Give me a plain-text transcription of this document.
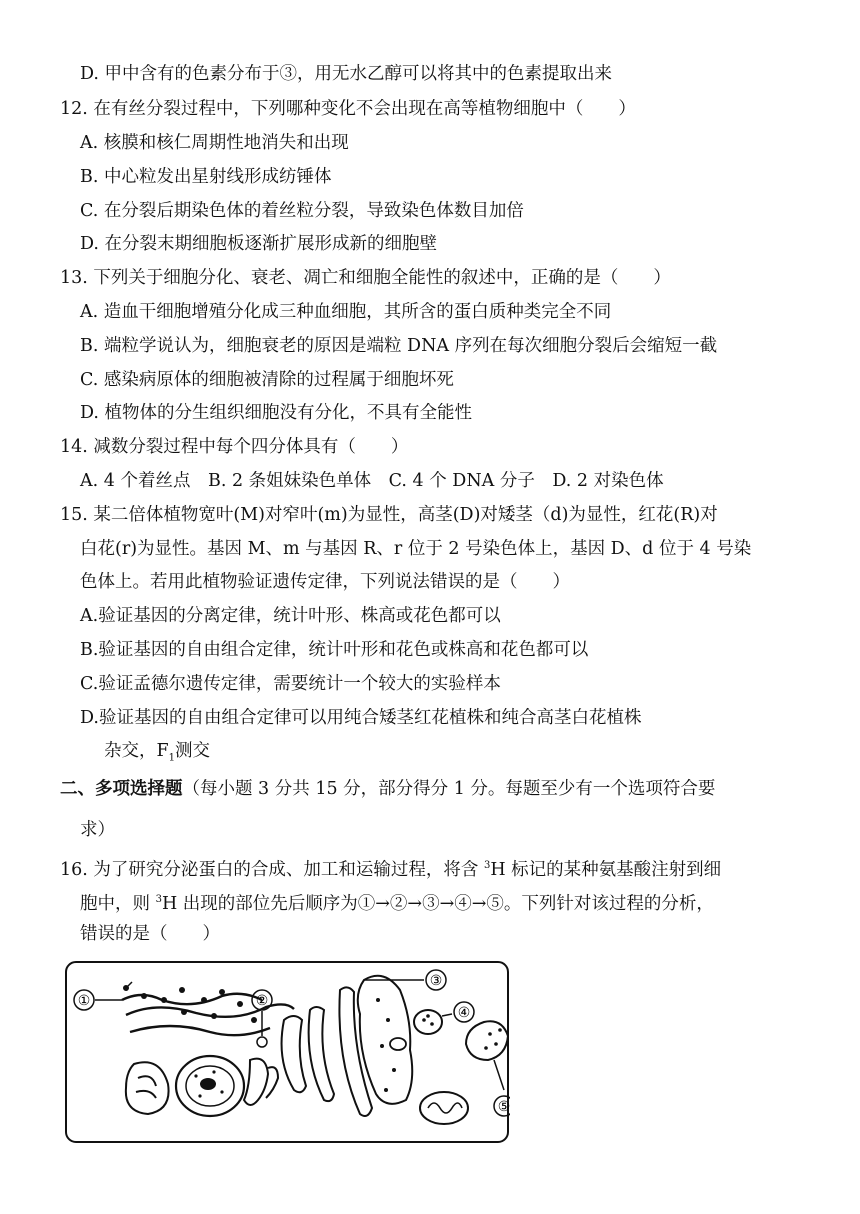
D. 甲中含有的色素分布于③，用无水乙醇可以将其中的色素提取出来
12. 在有丝分裂过程中，下列哪种变化不会出现在高等植物细胞中（　　）
A. 核膜和核仁周期性地消失和出现
B. 中心粒发出星射线形成纺锤体
C. 在分裂后期染色体的着丝粒分裂，导致染色体数目加倍
D. 在分裂末期细胞板逐渐扩展形成新的细胞壁
13. 下列关于细胞分化、衰老、凋亡和细胞全能性的叙述中，正确的是（　　）
A. 造血干细胞增殖分化成三种血细胞，其所含的蛋白质种类完全不同
B. 端粒学说认为，细胞衰老的原因是端粒 DNA 序列在每次细胞分裂后会缩短一截
C. 感染病原体的细胞被清除的过程属于细胞坏死
D. 植物体的分生组织细胞没有分化，不具有全能性
14. 减数分裂过程中每个四分体具有（　　）
A. 4 个着丝点　B. 2 条姐妹染色单体　C. 4 个 DNA 分子　D. 2 对染色体
15. 某二倍体植物宽叶(M)对窄叶(m)为显性，高茎(D)对矮茎（d)为显性，红花(R)对
白花(r)为显性。基因 M、m 与基因 R、r 位于 2 号染色体上，基因 D、d 位于 4 号染
色体上。若用此植物验证遗传定律，下列说法错误的是（　　）
A.验证基因的分离定律，统计叶形、株高或花色都可以
B.验证基因的自由组合定律，统计叶形和花色或株高和花色都可以
C.验证孟德尔遗传定律，需要统计一个较大的实验样本
D.验证基因的自由组合定律可以用纯合矮茎红花植株和纯合高茎白花植株
杂交，$F_1$测交
二、多项选择题（每小题 3 分共 15 分，部分得分 1 分。每题至少有一个选项符合要
求）
16. 为了研究分泌蛋白的合成、加工和运输过程，将含 $^3$H 标记的某种氨基酸注射到细
胞中，则 $^3$H 出现的部位先后顺序为①→②→③→④→⑤。下列针对该过程的分析，
错误的是（　　）
①	②
③
④
⑤
